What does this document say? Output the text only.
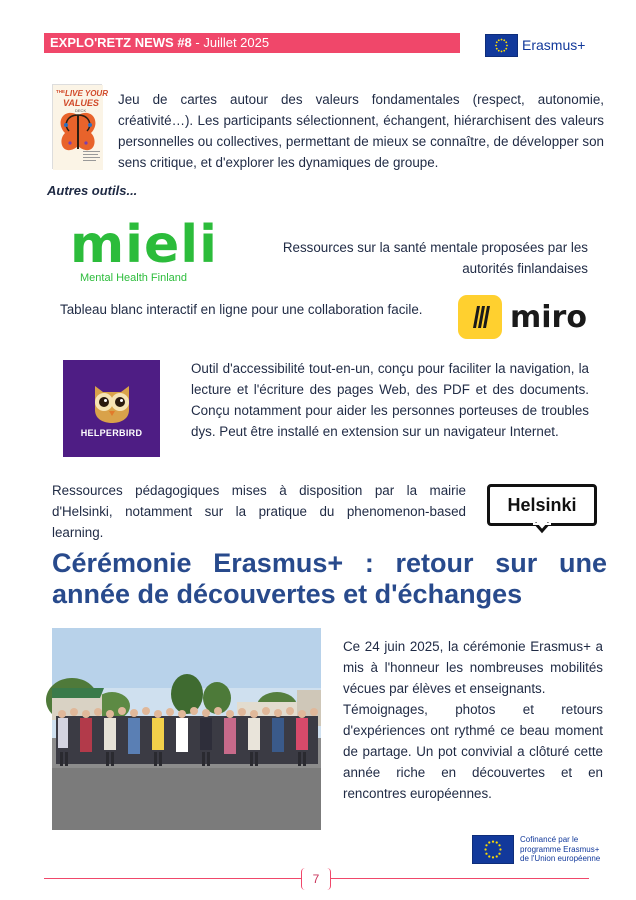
EXPLO'RETZ NEWS #8 - Juillet 2025	Erasmus+
THE LIVE YOUR
VALUES
DECK

Jeu de cartes autour des valeurs fondamentales (respect, autonomie, créativité…). Les participants sélectionnent, échangent, hiérarchisent des valeurs personnelles ou collectives, permettant de mieux se connaître, de développer son sens critique, et d'explorer les dynamiques de groupe.

Autres outils...
mieli
Mental Health Finland

Ressources sur la santé mentale proposées par les autorités finlandaises

Tableau blanc interactif en ligne pour une collaboration facile.	miro
HELPERBIRD

Outil d'accessibilité tout-en-un, conçu pour faciliter la navigation, la lecture et l'écriture des pages Web, des PDF et des documents. Conçu notamment pour aider les personnes porteuses de troubles dys. Peut être installé en extension sur un navigateur Internet.

Ressources pédagogiques mises à disposition par la mairie d'Helsinki, notamment sur la pratique du phenomenon-based learning.

Helsinki
Cérémonie Erasmus+ : retour sur une année de découvertes et d'échanges

Ce 24 juin 2025, la cérémonie Erasmus+ a mis à l'honneur les nombreuses mobilités vécues par élèves et enseignants.

Témoignages, photos et retours d'expériences ont rythmé ce beau moment de partage. Un pot convivial a clôturé cette année riche en découvertes et en rencontres européennes.

Cofinancé par le
programme Erasmus+
de l'Union européenne
7
